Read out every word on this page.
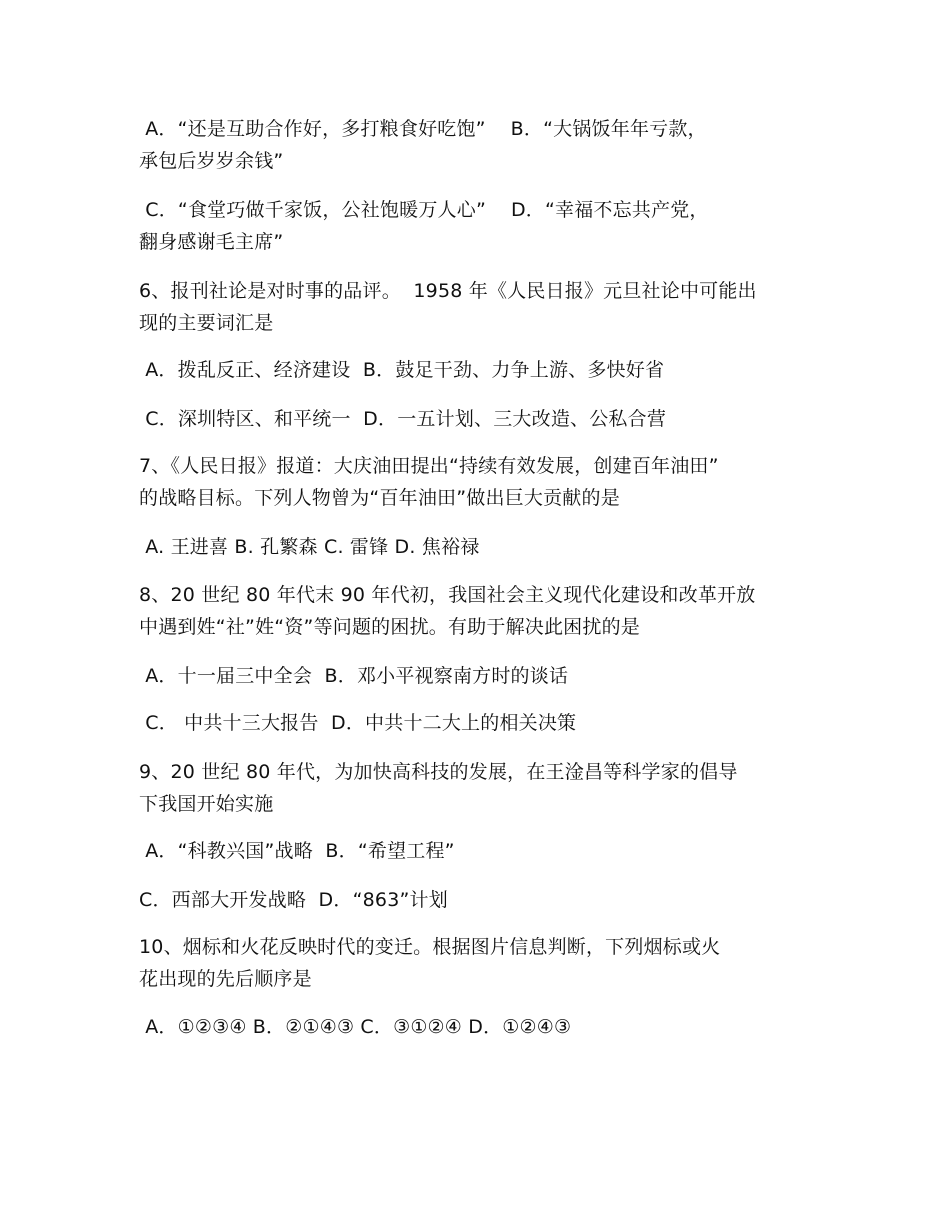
A．“还是互助合作好，多打粮食好吃饱”    B．“大锅饭年年亏款，
承包后岁岁余钱”
C．“食堂巧做千家饭，公社饱暖万人心”    D．“幸福不忘共产党，
翻身感谢毛主席”
6、报刊社论是对时事的品评。  1958 年《人民日报》元旦社论中可能出
现的主要词汇是
A．拨乱反正、经济建设  B．鼓足干劲、力争上游、多快好省
C．深圳特区、和平统一  D．一五计划、三大改造、公私合营
7、《人民日报》报道：大庆油田提出“持续有效发展，创建百年油田”
的战略目标。下列人物曾为“百年油田”做出巨大贡献的是
A. 王进喜 B. 孔繁森 C. 雷锋 D. 焦裕禄
8、20 世纪 80 年代末 90 年代初，我国社会主义现代化建设和改革开放
中遇到姓“社”姓“资”等问题的困扰。有助于解决此困扰的是
A．十一届三中全会  B．邓小平视察南方时的谈话
C． 中共十三大报告  D．中共十二大上的相关决策
9、20 世纪 80 年代，为加快高科技的发展，在王淦昌等科学家的倡导
下我国开始实施
A．“科教兴国”战略  B．“希望工程”
C．西部大开发战略  D．“863”计划
10、烟标和火花反映时代的变迁。根据图片信息判断，下列烟标或火
花出现的先后顺序是
A．①②③④ B．②①④③ C．③①②④ D．①②④③
